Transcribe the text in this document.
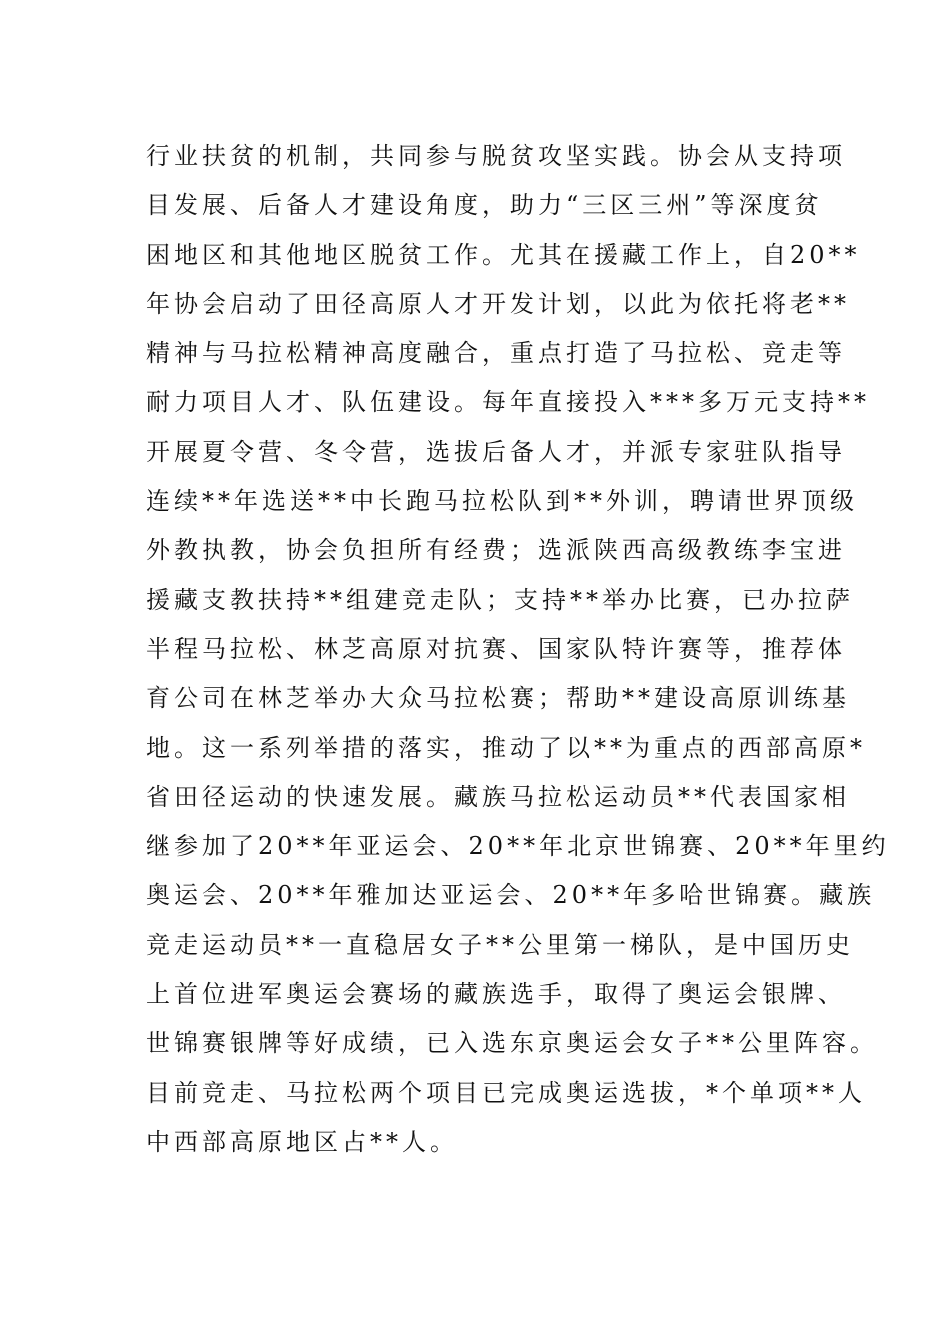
行业扶贫的机制，共同参与脱贫攻坚实践。协会从支持项
目发展、后备人才建设角度，助力“三区三州”等深度贫
困地区和其他地区脱贫工作。尤其在援藏工作上，自20**
年协会启动了田径高原人才开发计划，以此为依托将老**
精神与马拉松精神高度融合，重点打造了马拉松、竞走等
耐力项目人才、队伍建设。每年直接投入***多万元支持**
开展夏令营、冬令营，选拔后备人才，并派专家驻队指导
连续**年选送**中长跑马拉松队到**外训，聘请世界顶级
外教执教，协会负担所有经费；选派陕西高级教练李宝进
援藏支教扶持**组建竞走队；支持**举办比赛，已办拉萨
半程马拉松、林芝高原对抗赛、国家队特许赛等，推荐体
育公司在林芝举办大众马拉松赛；帮助**建设高原训练基
地。这一系列举措的落实，推动了以**为重点的西部高原*
省田径运动的快速发展。藏族马拉松运动员**代表国家相
继参加了20**年亚运会、20**年北京世锦赛、20**年里约
奥运会、20**年雅加达亚运会、20**年多哈世锦赛。藏族
竞走运动员**一直稳居女子**公里第一梯队，是中国历史
上首位进军奥运会赛场的藏族选手，取得了奥运会银牌、
世锦赛银牌等好成绩，已入选东京奥运会女子**公里阵容。
目前竞走、马拉松两个项目已完成奥运选拔，*个单项**人
中西部高原地区占**人。
